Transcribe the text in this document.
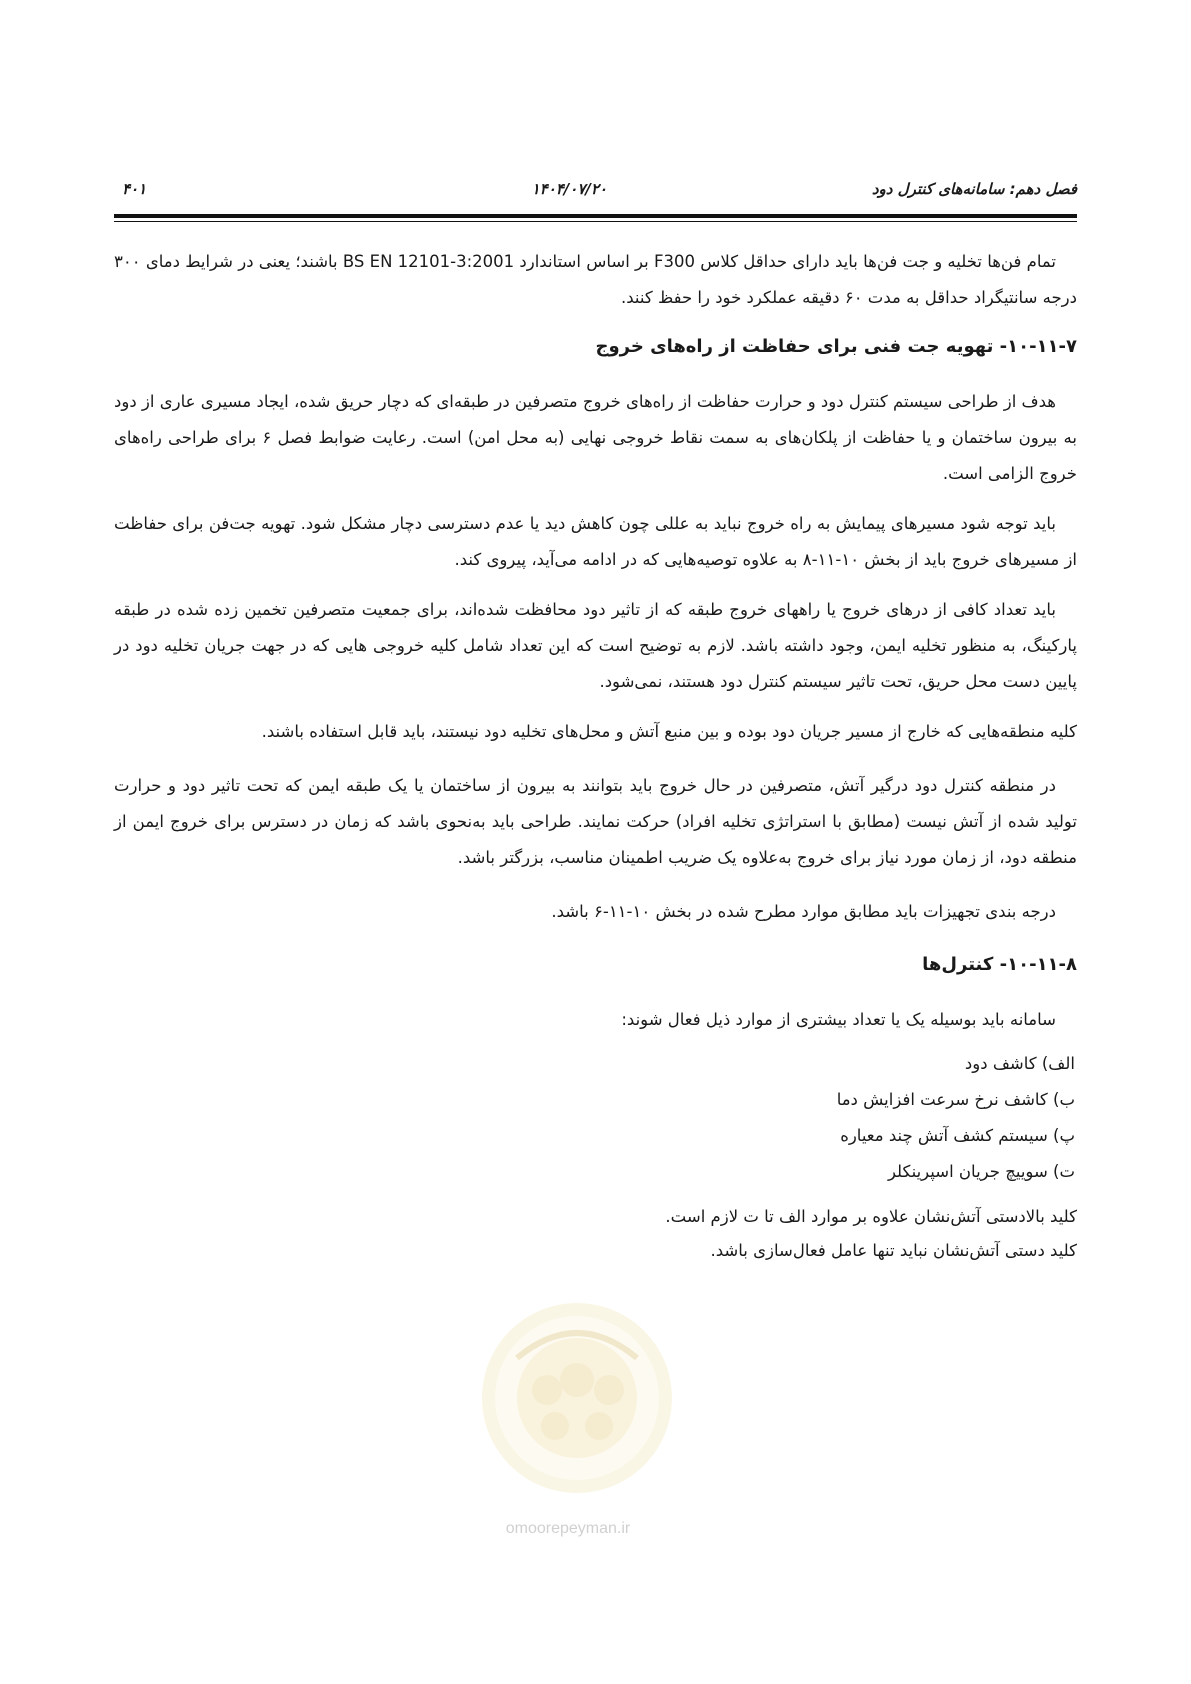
فصل دهم: سامانه‌های کنترل دود
۱۴۰۴/۰۷/۲۰
۴۰۱
omoorepeyman.ir

تمام فن‌ها تخلیه و جت فن‌ها باید دارای حداقل کلاس F300 بر اساس استاندارد BS EN 12101-3:2001 باشند؛ یعنی در شرایط دمای ۳۰۰ درجه سانتیگراد حداقل به مدت ۶۰ دقیقه عملکرد خود را حفظ کنند.

۱۰-۱۱-۷- تهویه جت فنی برای حفاظت از راه‌های خروج

هدف از طراحی سیستم کنترل دود و حرارت حفاظت از راه‌های خروج متصرفین در طبقه‌ای که دچار حریق شده، ایجاد مسیری عاری از دود به بیرون ساختمان و یا حفاظت از پلکان‌های به سمت نقاط خروجی نهایی (به محل امن) است. رعایت ضوابط فصل ۶ برای طراحی راه‌های خروج الزامی است.

باید توجه شود مسیرهای پیمایش به راه خروج نباید به عللی چون کاهش دید یا عدم دسترسی دچار مشکل شود. تهویه جت‌فن برای حفاظت از مسیرهای خروج باید از بخش ۱۰-۱۱-۸ به علاوه توصیه‌هایی که در ادامه می‌آید، پیروی کند.

باید تعداد کافی از درهای خروج یا راههای خروج طبقه که از تاثیر دود محافظت شده‌اند، برای جمعیت متصرفین تخمین زده شده در طبقه پارکینگ، به منظور تخلیه ایمن، وجود داشته باشد. لازم به توضیح است که این تعداد شامل کلیه خروجی هایی که در جهت جریان تخلیه دود در پایین دست محل حریق، تحت تاثیر سیستم کنترل دود هستند، نمی‌شود.

کلیه منطقه‌هایی که خارج از مسیر جریان دود بوده و بین منبع آتش و محل‌های تخلیه دود نیستند، باید قابل استفاده باشند.

در منطقه کنترل دود درگیر آتش، متصرفین در حال خروج باید بتوانند به بیرون از ساختمان یا یک طبقه ایمن که تحت تاثیر دود و حرارت تولید شده از آتش نیست (مطابق با استراتژی تخلیه افراد) حرکت نمایند. طراحی باید به‌نحوی باشد که زمان در دسترس برای خروج ایمن از منطقه دود، از زمان مورد نیاز برای خروج به‌علاوه یک ضریب اطمینان مناسب، بزرگتر باشد.

درجه بندی تجهیزات باید مطابق موارد مطرح شده در بخش ۱۰-۱۱-۶ باشد.

۱۰-۱۱-۸- کنترل‌ها

سامانه باید بوسیله یک یا تعداد بیشتری از موارد ذیل فعال شوند:

الف) کاشف دود
ب) کاشف نرخ سرعت افزایش دما
پ) سیستم کشف آتش چند معیاره
ت) سوییچ جریان اسپرینکلر

کلید بالادستی آتش‌نشان علاوه بر موارد الف تا ت لازم است.

کلید دستی آتش‌نشان نباید تنها عامل فعال‌سازی باشد.
